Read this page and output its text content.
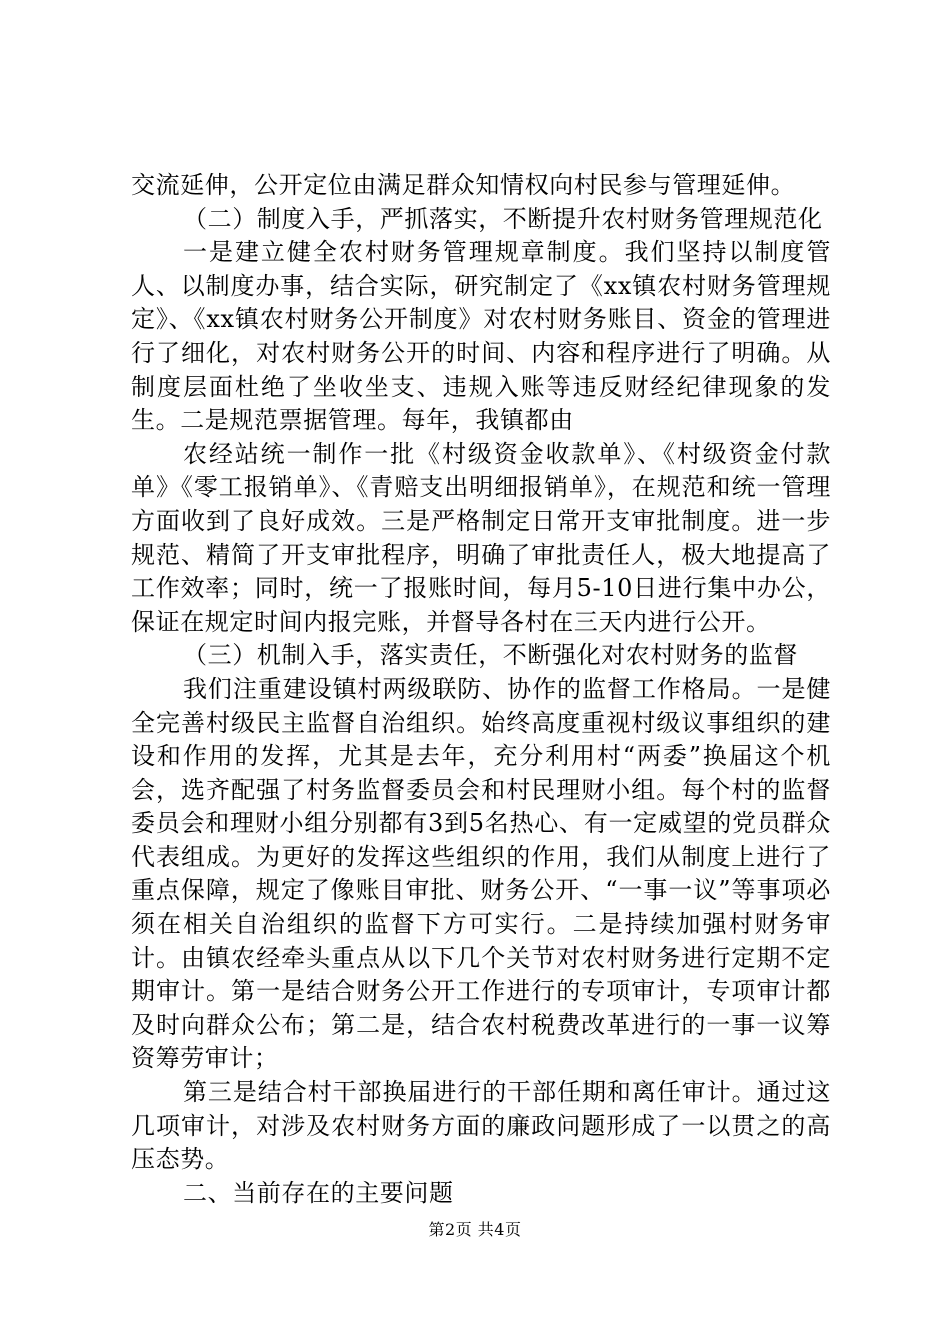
交流延伸，公开定位由满足群众知情权向村民参与管理延伸。

（二）制度入手，严抓落实，不断提升农村财务管理规范化

一是建立健全农村财务管理规章制度。我们坚持以制度管人、以制度办事，结合实际，研究制定了《xx镇农村财务管理规定》、《xx镇农村财务公开制度》对农村财务账目、资金的管理进行了细化，对农村财务公开的时间、内容和程序进行了明确。从制度层面杜绝了坐收坐支、违规入账等违反财经纪律现象的发生。二是规范票据管理。每年，我镇都由

农经站统一制作一批《村级资金收款单》、《村级资金付款单》《零工报销单》、《青赔支出明细报销单》，在规范和统一管理方面收到了良好成效。三是严格制定日常开支审批制度。进一步规范、精简了开支审批程序，明确了审批责任人，极大地提高了工作效率；同时，统一了报账时间，每月5-10日进行集中办公，保证在规定时间内报完账，并督导各村在三天内进行公开。

（三）机制入手，落实责任，不断强化对农村财务的监督

我们注重建设镇村两级联防、协作的监督工作格局。一是健全完善村级民主监督自治组织。始终高度重视村级议事组织的建设和作用的发挥，尤其是去年，充分利用村“两委”换届这个机会，选齐配强了村务监督委员会和村民理财小组。每个村的监督委员会和理财小组分别都有3到5名热心、有一定威望的党员群众代表组成。为更好的发挥这些组织的作用，我们从制度上进行了重点保障，规定了像账目审批、财务公开、“一事一议”等事项必须在相关自治组织的监督下方可实行。二是持续加强村财务审计。由镇农经牵头重点从以下几个关节对农村财务进行定期不定期审计。第一是结合财务公开工作进行的专项审计，专项审计都及时向群众公布；第二是，结合农村税费改革进行的一事一议筹资筹劳审计；

第三是结合村干部换届进行的干部任期和离任审计。通过这几项审计，对涉及农村财务方面的廉政问题形成了一以贯之的高压态势。

二、当前存在的主要问题

第2页 共4页
